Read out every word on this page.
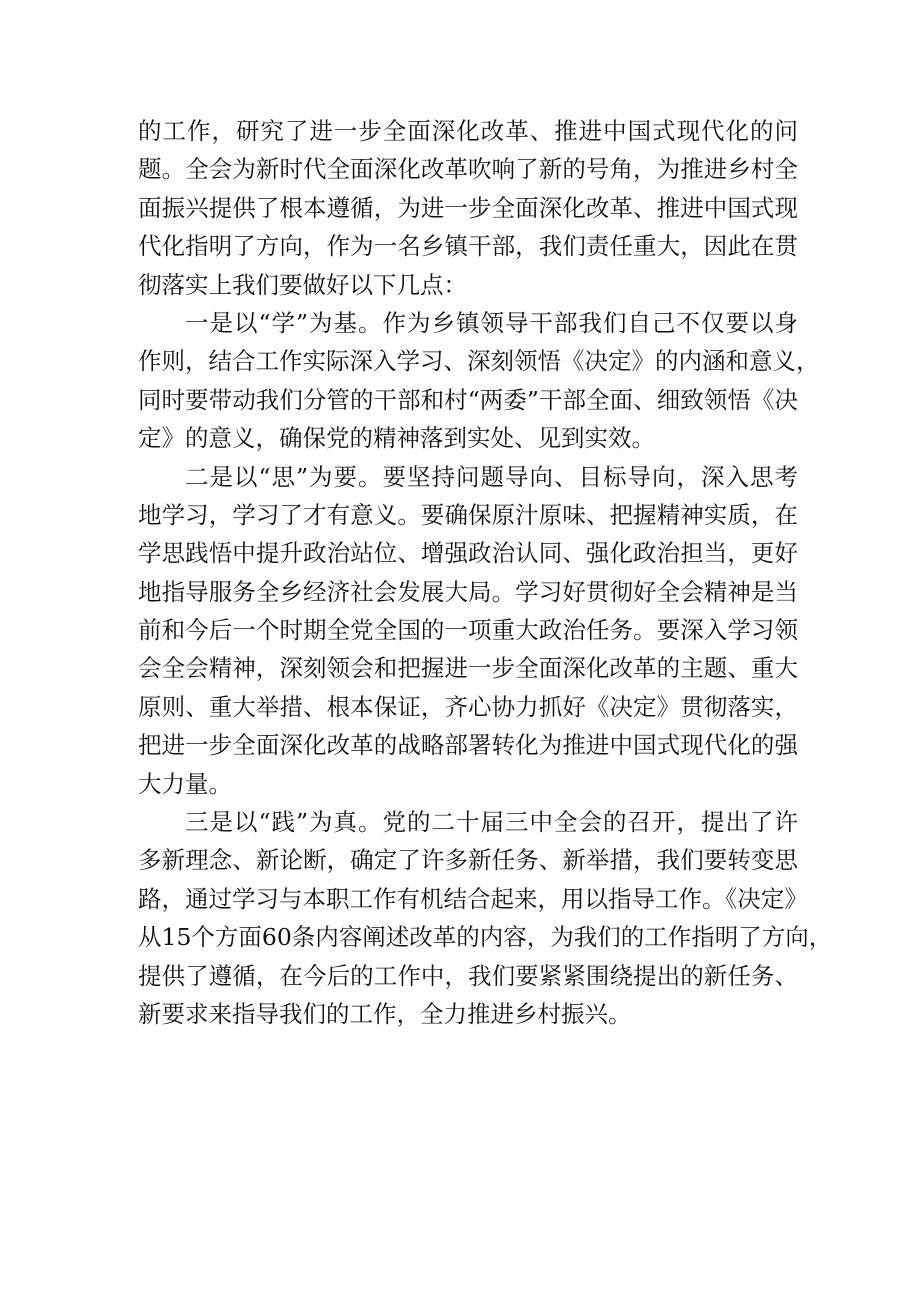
的工作，研究了进一步全面深化改革、推进中国式现代化的问
题。全会为新时代全面深化改革吹响了新的号角，为推进乡村全
面振兴提供了根本遵循，为进一步全面深化改革、推进中国式现
代化指明了方向，作为一名乡镇干部，我们责任重大，因此在贯
彻落实上我们要做好以下几点：
一是以“学”为基。作为乡镇领导干部我们自己不仅要以身
作则，结合工作实际深入学习、深刻领悟《决定》的内涵和意义，
同时要带动我们分管的干部和村“两委”干部全面、细致领悟《决
定》的意义，确保党的精神落到实处、见到实效。
二是以“思”为要。要坚持问题导向、目标导向，深入思考
地学习，学习了才有意义。要确保原汁原味、把握精神实质，在
学思践悟中提升政治站位、增强政治认同、强化政治担当，更好
地指导服务全乡经济社会发展大局。学习好贯彻好全会精神是当
前和今后一个时期全党全国的一项重大政治任务。要深入学习领
会全会精神，深刻领会和把握进一步全面深化改革的主题、重大
原则、重大举措、根本保证，齐心协力抓好《决定》贯彻落实，
把进一步全面深化改革的战略部署转化为推进中国式现代化的强
大力量。
三是以“践”为真。党的二十届三中全会的召开，提出了许
多新理念、新论断，确定了许多新任务、新举措，我们要转变思
路，通过学习与本职工作有机结合起来，用以指导工作。《决定》
从15个方面60条内容阐述改革的内容，为我们的工作指明了方向，
提供了遵循，在今后的工作中，我们要紧紧围绕提出的新任务、
新要求来指导我们的工作，全力推进乡村振兴。
